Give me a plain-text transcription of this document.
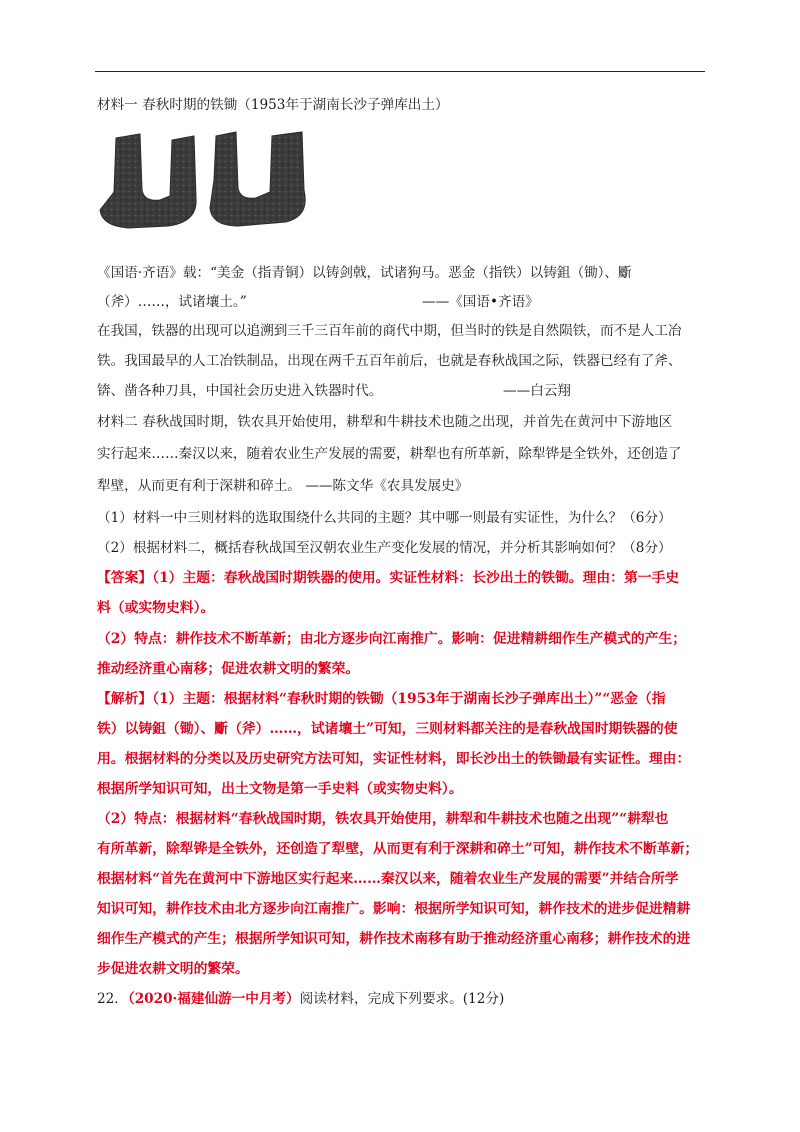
材料一 春秋时期的铁锄（1953年于湖南长沙子弹库出土）
《国语·齐语》载：“美金（指青铜）以铸剑戟，试诸狗马。恶金（指铁）以铸鉏（锄）、斸
（斧）……，试诸壤土。”	——《国语•齐语》
在我国，铁器的出现可以追溯到三千三百年前的商代中期，但当时的铁是自然陨铁，而不是人工冶
铁。我国最早的人工冶铁制品，出现在两千五百年前后，也就是春秋战国之际，铁器已经有了斧、
锛、凿各种刀具，中国社会历史进入铁器时代。	——白云翔
材料二 春秋战国时期，铁农具开始使用，耕犁和牛耕技术也随之出现，并首先在黄河中下游地区
实行起来……秦汉以来，随着农业生产发展的需要，耕犁也有所革新，除犁铧是全铁外，还创造了
犁壁，从而更有利于深耕和碎土。 ——陈文华《农具发展史》
（1）材料一中三则材料的选取围绕什么共同的主题？其中哪一则最有实证性，为什么？（6分）
（2）根据材料二，概括春秋战国至汉朝农业生产变化发展的情况，并分析其影响如何？（8分）
【答案】（1）主题：春秋战国时期铁器的使用。实证性材料：长沙出土的铁锄。理由：第一手史
料（或实物史料）。
（2）特点：耕作技术不断革新；由北方逐步向江南推广。影响：促进精耕细作生产模式的产生；
推动经济重心南移；促进农耕文明的繁荣。
【解析】（1）主题：根据材料“春秋时期的铁锄（1953年于湖南长沙子弹库出土）”“恶金（指
铁）以铸鉏（锄）、斸（斧）……，试诸壤土”可知，三则材料都关注的是春秋战国时期铁器的使
用。根据材料的分类以及历史研究方法可知，实证性材料，即长沙出土的铁锄最有实证性。理由：
根据所学知识可知，出土文物是第一手史料（或实物史料）。
（2）特点：根据材料“春秋战国时期，铁农具开始使用，耕犁和牛耕技术也随之出现”“耕犁也
有所革新，除犁铧是全铁外，还创造了犁壁，从而更有利于深耕和碎土”可知，耕作技术不断革新；
根据材料“首先在黄河中下游地区实行起来……秦汉以来，随着农业生产发展的需要”并结合所学
知识可知，耕作技术由北方逐步向江南推广。影响：根据所学知识可知，耕作技术的进步促进精耕
细作生产模式的产生；根据所学知识可知，耕作技术南移有助于推动经济重心南移；耕作技术的进
步促进农耕文明的繁荣。
22．（2020·福建仙游一中月考）阅读材料，完成下列要求。(12分)
